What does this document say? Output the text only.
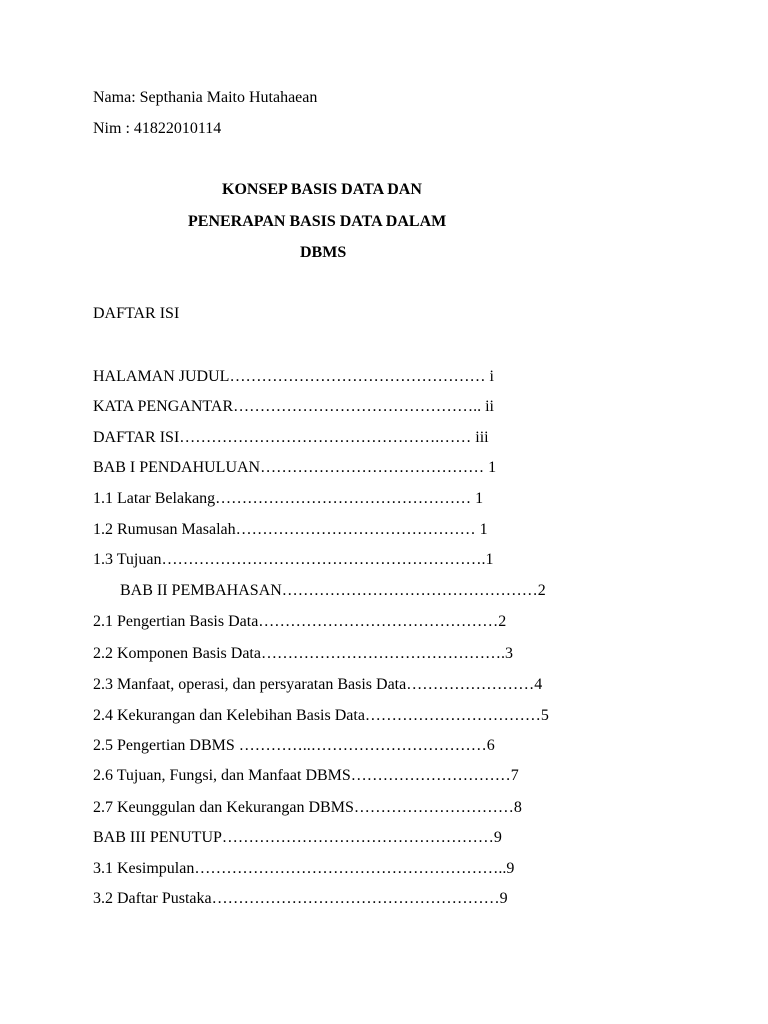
Nama: Septhania Maito Hutahaean

Nim : 41822010114

KONSEP BASIS DATA DAN

PENERAPAN BASIS DATA DALAM

DBMS

DAFTAR ISI

HALAMAN JUDUL………………………………………… i

KATA PENGANTAR……………………………………….. ii

DAFTAR ISI………………………………………….…… iii

BAB I PENDAHULUAN…………………………………… 1

1.1 Latar Belakang………………………………………… 1

1.2 Rumusan Masalah……………………………………… 1

1.3 Tujuan…………………………………………………….1

BAB II PEMBAHASAN…………………………………………2

2.1 Pengertian Basis Data………………………………………2

2.2 Komponen Basis Data……………………………………….3

2.3 Manfaat, operasi, dan persyaratan Basis Data……………………4

2.4 Kekurangan dan Kelebihan Basis Data……………………………5

2.5 Pengertian DBMS …………..……………………………6

2.6 Tujuan, Fungsi, dan Manfaat DBMS…………………………7

2.7 Keunggulan dan Kekurangan DBMS…………………………8

BAB III PENUTUP……………………………………………9

3.1 Kesimpulan…………………………………………………..9

3.2 Daftar Pustaka………………………………………………9
